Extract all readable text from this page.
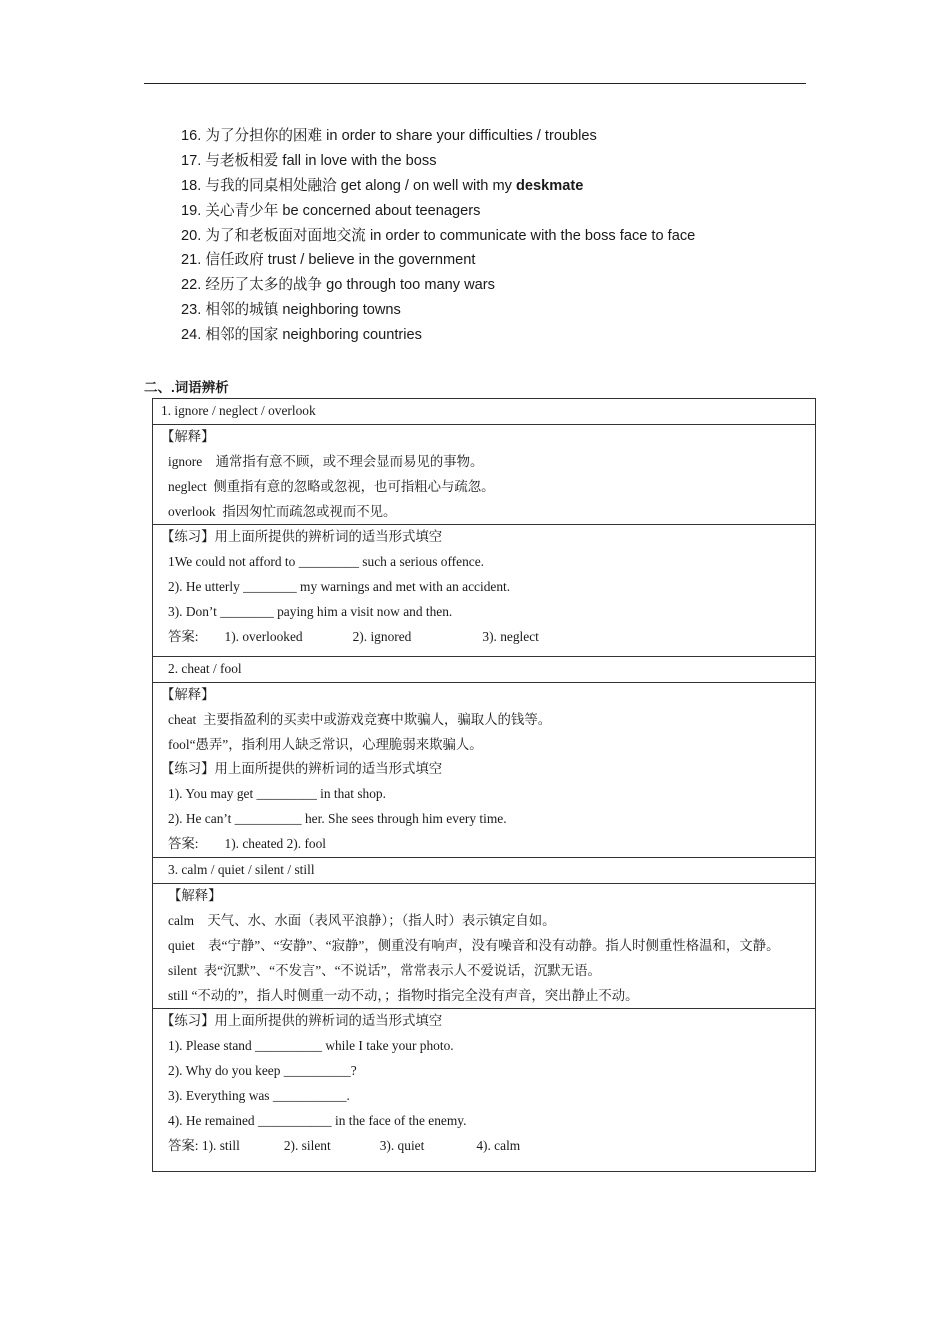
16. 为了分担你的困难 in order to share your difficulties / troubles
17. 与老板相爱 fall in love with the boss
18. 与我的同桌相处融洽 get along / on well with my deskmate
19. 关心青少年 be concerned about teenagers
20. 为了和老板面对面地交流 in order to communicate with the boss face to face
21. 信任政府 trust / believe in the government
22. 经历了太多的战争 go through too many wars
23. 相邻的城镇 neighboring towns
24. 相邻的国家 neighboring countries
二、.词语辨析
1. ignore / neglect / overlook

【解释】
ignore 通常指有意不顾，或不理会显而易见的事物。
neglect 侧重指有意的忽略或忽视，也可指粗心与疏忽。
overlook 指因匆忙而疏忽或视而不见。

【练习】用上面所提供的辨析词的适当形式填空
1We could not afford to _________ such a serious offence.
2). He utterly ________ my warnings and met with an accident.
3). Don’t ________ paying him a visit now and then.
答案: 1). overlooked	2). ignored	3). neglect

2. cheat / fool

【解释】
cheat 主要指盈利的买卖中或游戏竞赛中欺骗人，骗取人的钱等。
fool“愚弄”，指利用人缺乏常识，心理脆弱来欺骗人。
【练习】用上面所提供的辨析词的适当形式填空
1). You may get _________ in that shop.
2). He can’t __________ her. She sees through him every time.
答案: 1). cheated 2). fool

3. calm / quiet / silent / still

【解释】
calm 天气、水、水面（表风平浪静）；（指人时）表示镇定自如。
quiet 表“宁静”、“安静”、“寂静”，侧重没有响声，没有噪音和没有动静。指人时侧重性格温和，文静。
silent 表“沉默”、“不发言”、“不说话”，常常表示人不爱说话，沉默无语。
still “不动的”，指人时侧重一动不动，；指物时指完全没有声音，突出静止不动。

【练习】用上面所提供的辨析词的适当形式填空
1). Please stand __________ while I take your photo.
2). Why do you keep __________?
3). Everything was ___________.
4). He remained ___________ in the face of the enemy.
答案: 1). still	2). silent	3). quiet	4). calm
